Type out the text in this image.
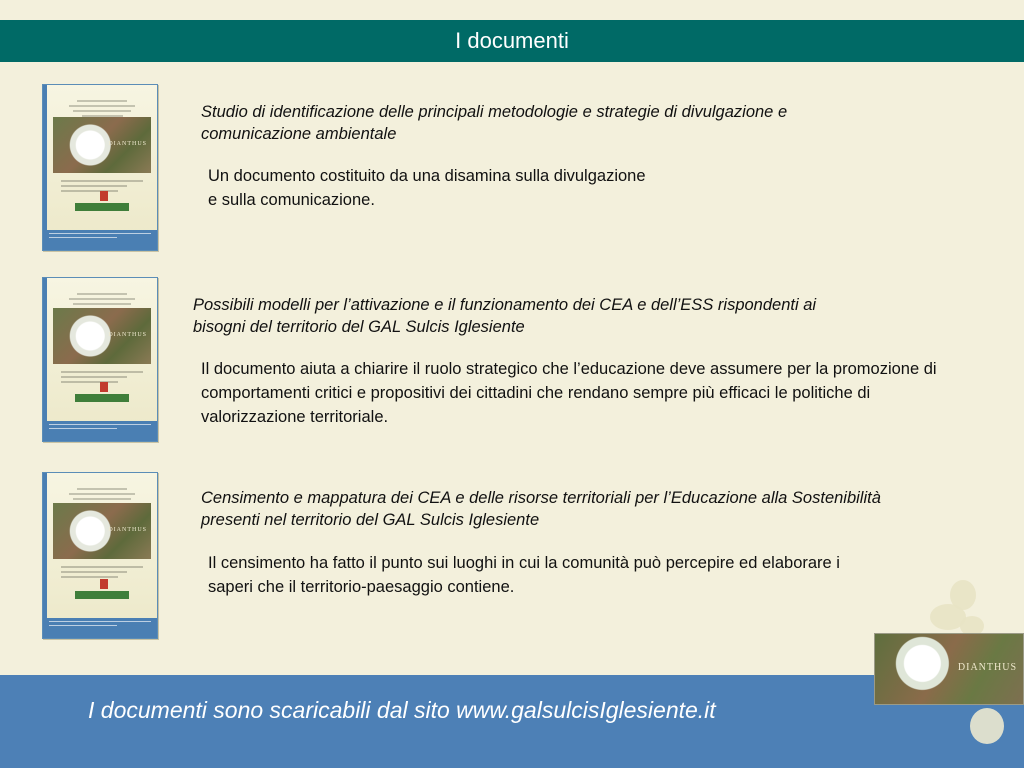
I documenti
DIANTHUS
Studio di identificazione delle principali metodologie e strategie di divulgazione e comunicazione ambientale
Un documento costituito da una disamina sulla divulgazione e sulla comunicazione.
DIANTHUS
Possibili modelli per l’attivazione e il funzionamento dei CEA e dell’ESS rispondenti ai bisogni del territorio del GAL Sulcis Iglesiente
Il documento aiuta a chiarire il ruolo strategico che l’educazione deve assumere per la promozione di comportamenti critici e propositivi dei cittadini che rendano sempre più efficaci le politiche di valorizzazione territoriale.
DIANTHUS
Censimento e mappatura dei CEA e delle risorse territoriali per l’Educazione alla Sostenibilità presenti nel territorio del GAL Sulcis Iglesiente
Il censimento ha fatto il punto sui luoghi in cui la comunità può percepire ed elaborare i saperi che il territorio-paesaggio contiene.
I documenti sono scaricabili dal sito www.galsulcisIglesiente.it
DIANTHUS
